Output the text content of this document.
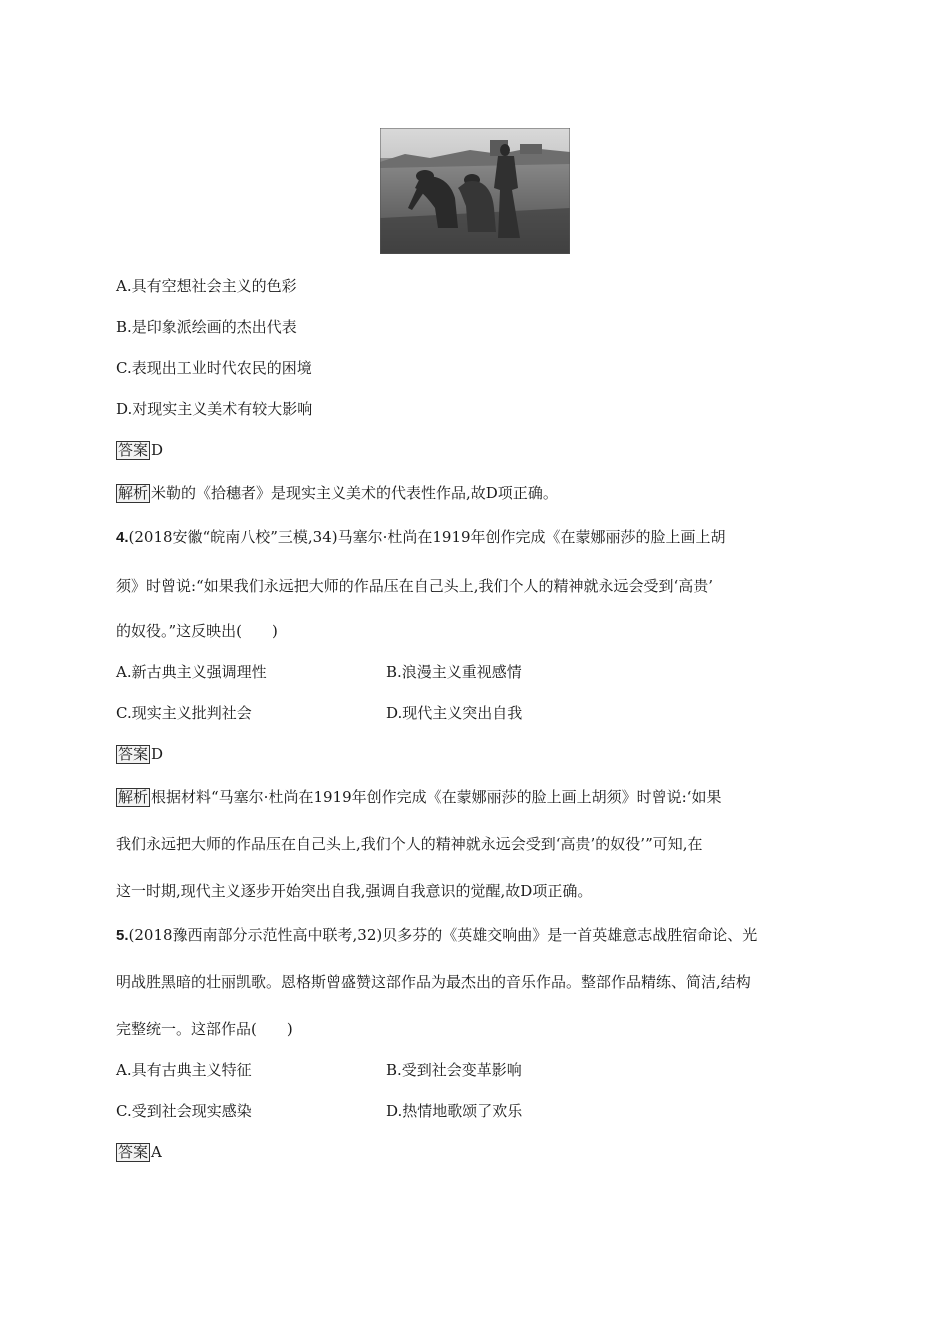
A.具有空想社会主义的色彩
B.是印象派绘画的杰出代表
C.表现出工业时代农民的困境
D.对现实主义美术有较大影响
答案 D
解析 米勒的《拾穗者》是现实主义美术的代表性作品,故D项正确。
4.(2018安徽“皖南八校”三模,34)马塞尔·杜尚在1919年创作完成《在蒙娜丽莎的脸上画上胡
须》时曾说:“如果我们永远把大师的作品压在自己头上,我们个人的精神就永远会受到‘高贵’
的奴役。”这反映出(　　)
A.新古典主义强调理性	B.浪漫主义重视感情
C.现实主义批判社会	D.现代主义突出自我
答案 D
解析 根据材料“马塞尔·杜尚在1919年创作完成《在蒙娜丽莎的脸上画上胡须》时曾说:‘如果
我们永远把大师的作品压在自己头上,我们个人的精神就永远会受到‘高贵’的奴役’”可知,在
这一时期,现代主义逐步开始突出自我,强调自我意识的觉醒,故D项正确。
5.(2018豫西南部分示范性高中联考,32)贝多芬的《英雄交响曲》是一首英雄意志战胜宿命论、光
明战胜黑暗的壮丽凯歌。恩格斯曾盛赞这部作品为最杰出的音乐作品。整部作品精练、简洁,结构
完整统一。这部作品(　　)
A.具有古典主义特征	B.受到社会变革影响
C.受到社会现实感染	D.热情地歌颂了欢乐
答案 A
